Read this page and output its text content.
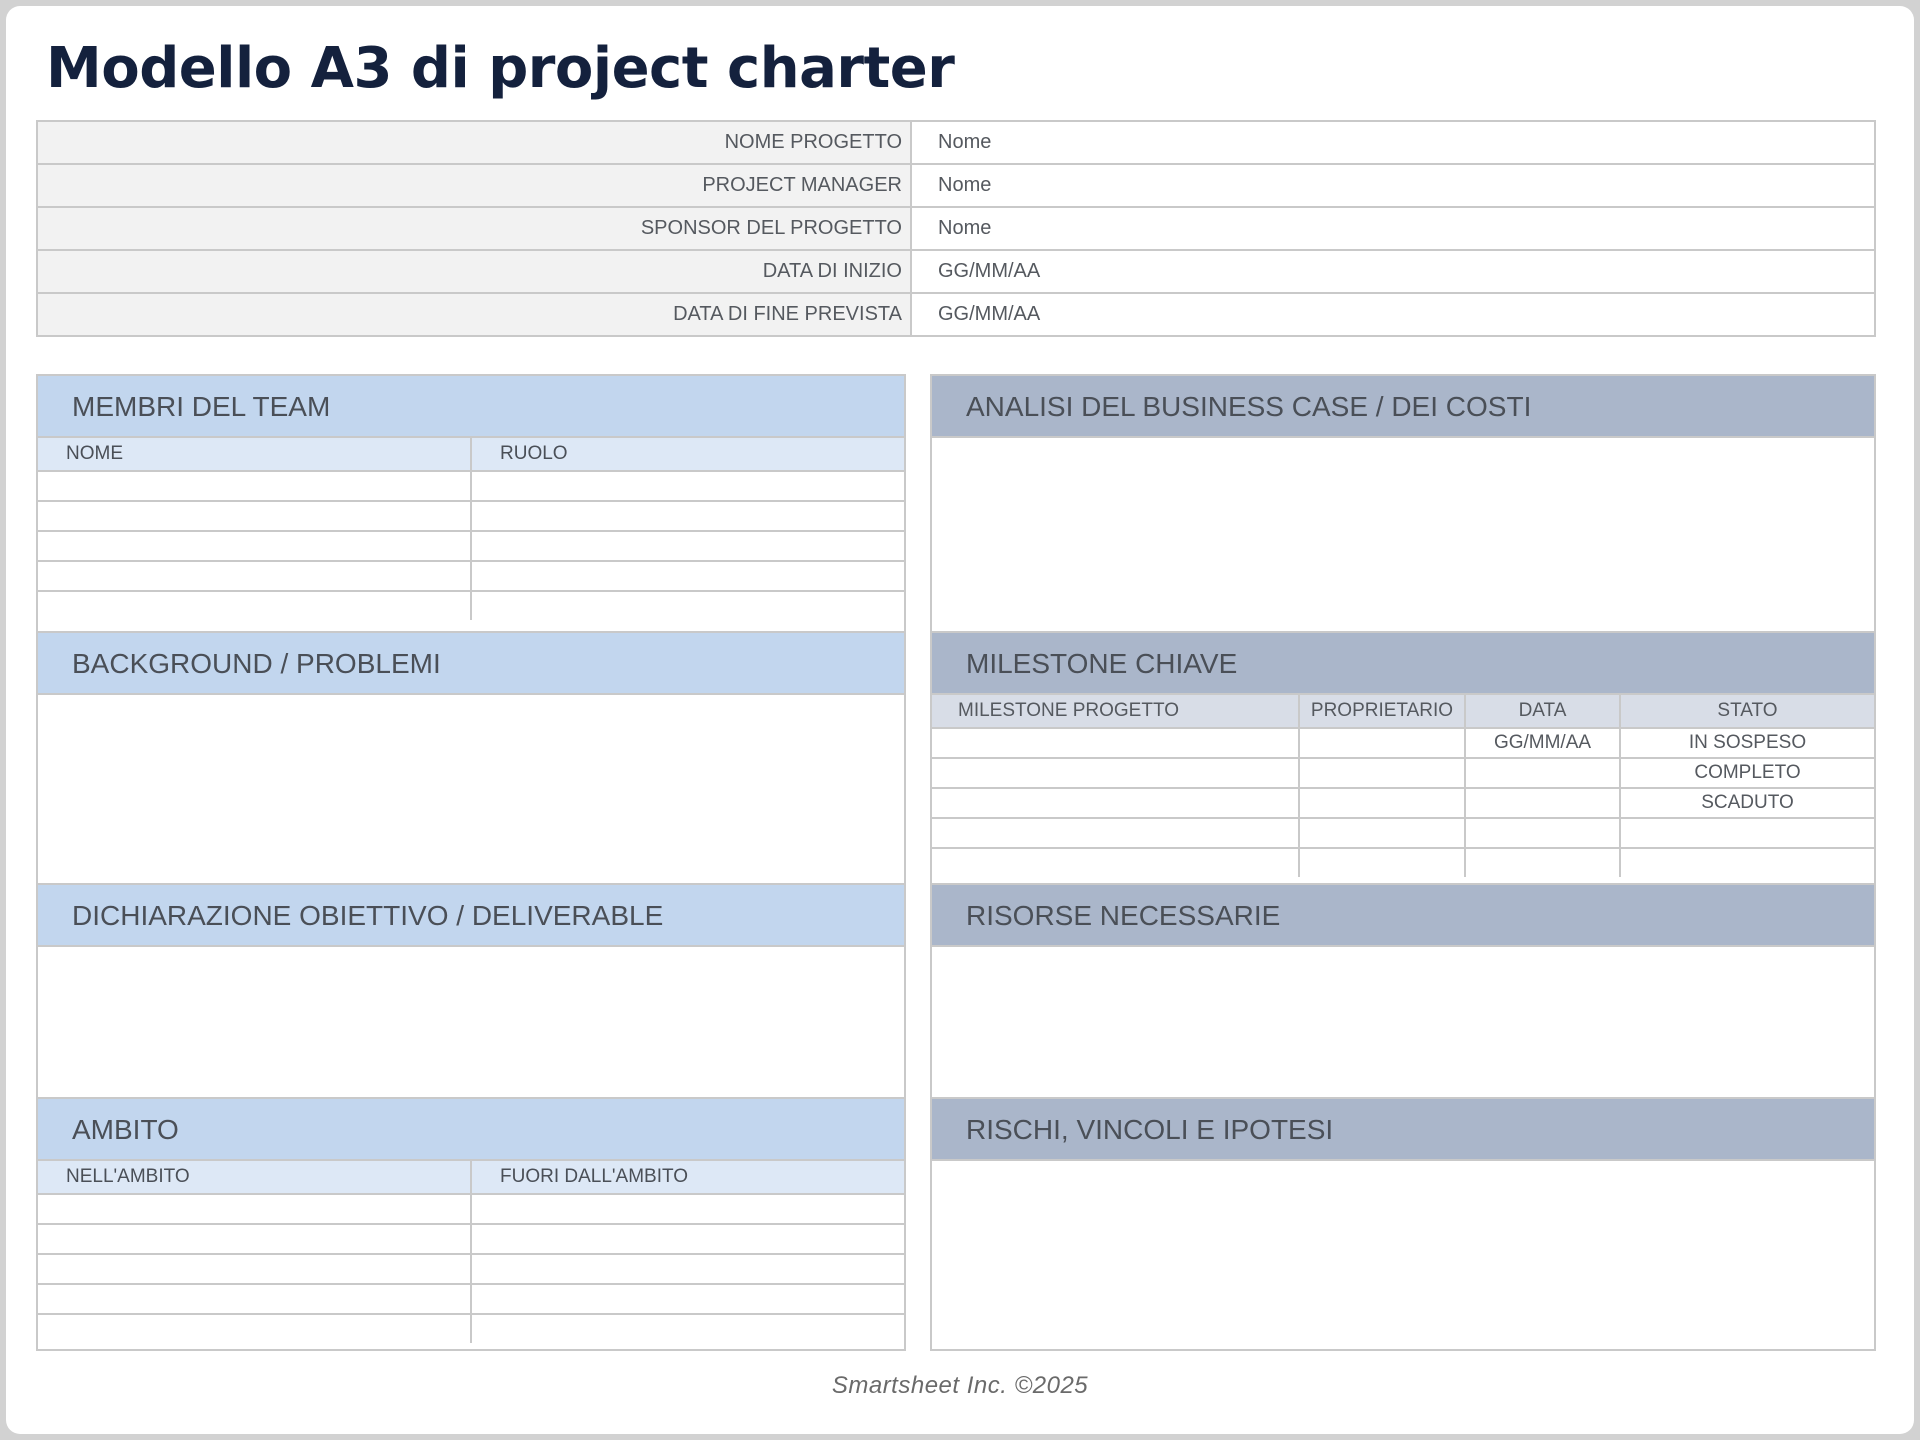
Modello A3 di project charter
NOME PROGETTO	Nome
PROJECT MANAGER	Nome
SPONSOR DEL PROGETTO	Nome
DATA DI INIZIO	GG/MM/AA
DATA DI FINE PREVISTA	GG/MM/AA
MEMBRI DEL TEAM
NOME	RUOLO

BACKGROUND / PROBLEMI
DICHIARAZIONE OBIETTIVO / DELIVERABLE
AMBITO
NELL'AMBITO	FUORI DALL'AMBITO

ANALISI DEL BUSINESS CASE / DEI COSTI
MILESTONE CHIAVE
MILESTONE PROGETTO	PROPRIETARIO	DATA	STATO
		GG/MM/AA	IN SOSPESO
			COMPLETO
			SCADUTO

RISORSE NECESSARIE
RISCHI, VINCOLI E IPOTESI
Smartsheet Inc. ©2025
